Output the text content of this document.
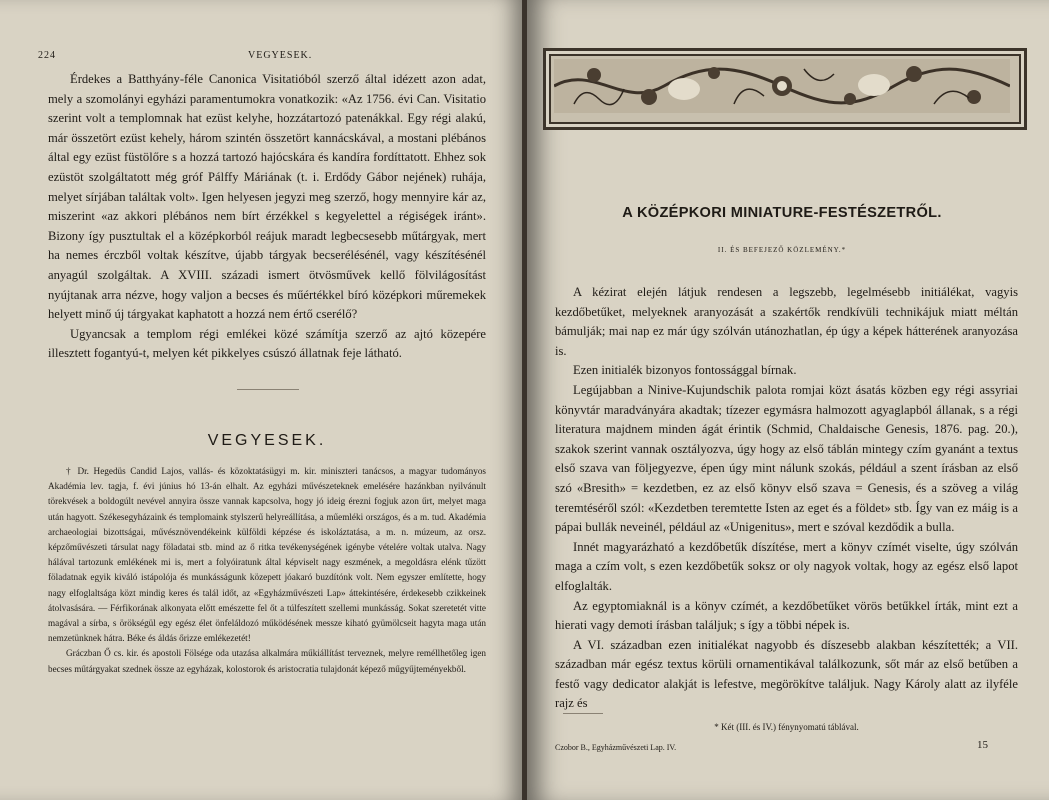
224	VEGYESEK.

Érdekes a Batthyány-féle Canonica Visitatióból szerző által idézett azon adat, mely a szomolányi egyházi paramentumokra vonatkozik: «Az 1756. évi Can. Visitatio szerint volt a templomnak hat ezüst kelyhe, hozzátartozó patenákkal. Egy régi alakú, már összetört ezüst kehely, három szintén összetört kannácskával, a mostani plébános által egy ezüst füstölőre s a hozzá tartozó hajócskára és kandíra fordíttatott. Ehhez sok ezüstöt szolgáltatott még gróf Pálffy Máriának (t. i. Erdődy Gábor nejének) ruhája, melyet sírjában találtak volt». Igen helyesen jegyzi meg szerző, hogy mennyire kár az, miszerint «az akkori plébános nem bírt érzékkel s kegyelettel a régiségek iránt». Bizony így pusztultak el a középkorból reájuk maradt legbecsesebb műtárgyak, mert ha nemes érczből voltak készítve, újabb tárgyak becserélésénél, vagy készítésénél anyagúl szolgáltak. A XVIII. századi ismert ötvösművek kellő fölvilágosítást nyújtanak arra nézve, hogy valjon a becses és műértékkel bíró középkori műremekek helyett minő új tárgyakat kaphatott a hozzá nem értő cserélő?

Ugyancsak a templom régi emlékei közé számítja szerző az ajtó közepére illesztett fogantyú-t, melyen két pikkelyes csúszó állatnak feje látható.

VEGYESEK.

† Dr. Hegedüs Candid Lajos, vallás- és közoktatásügyi m. kir. miniszteri tanácsos, a magyar tudományos Akadémia lev. tagja, f. évi június hó 13-án elhalt. Az egyházi művészeteknek emelésére hazánkban nyilvánult törekvések a boldogúlt nevével annyira össze vannak kapcsolva, hogy jó ideig érezni fogjuk azon űrt, melyet maga után hagyott. Székesegyházaink és templomaink stylszerű helyreállítása, a műemléki országos, és a m. tud. Akadémia archaeologiai bizottságai, művésznövendékeink külföldi képzése és iskoláztatása, a m. n. múzeum, az orsz. képzőművészeti társulat nagy föladatai stb. mind az ő ritka tevékenységének igénybe vételére voltak utalva. Nagy hálával tartozunk emlékének mi is, mert a folyóiratunk által képviselt nagy eszmének, a megoldásra elénk tűzött föladatnak egyik kiváló istápolója és munkásságunk közepett jóakaró buzdítónk volt. Nem egyszer említette, hogy nagy elfoglaltsága közt mindig keres és talál időt, az «Egyházművészeti Lap» áttekintésére, érdekesebb czikkeinek átolvasására. — Férfikorának alkonyata előtt emészette fel őt a túlfeszített szellemi munkásság. Sokat szeretetét vitte magával a sírba, s örökségül egy egész élet önfeláldozó működésének messze kiható gyümölcseit hagyta maga után nemzetünknek hátra. Béke és áldás őrizze emlékezetét!

Gráczban Ő cs. kir. és apostoli Fölsége oda utazása alkalmára műkiállítást terveznek, melyre reméllhetőleg igen becses műtárgyakat szednek össze az egyházak, kolostorok és aristocratia tulajdonát képező műgyűjteményekből.

A KÖZÉPKORI MINIATURE-FESTÉSZETRŐL.
II. ÉS BEFEJEZŐ KÖZLEMÉNY.*

A kézirat elején látjuk rendesen a legszebb, legelmésebb initiálékat, vagyis kezdőbetűket, melyeknek aranyozását a szakértők rendkívüli technikájuk miatt méltán bámulják; mai nap ez már úgy szólván utánozhatlan, ép úgy a képek hátterének aranyozása is.

Ezen initialék bizonyos fontossággal bírnak.

Legújabban a Ninive-Kujundschik palota romjai közt ásatás közben egy régi assyriai könyvtár maradványára akadtak; tízezer egymásra halmozott agyaglapból állanak, s a régi literatura majdnem minden ágát érintik (Schmid, Chaldaische Genesis, 1876. pag. 20.), szakok szerint vannak osztályozva, úgy hogy az első táblán mintegy czím gyanánt a textus első szava van följegyezve, épen úgy mint nálunk szokás, például a szent írásban az első szó «Bresith» = kezdetben, ez az első könyv első szava = Genesis, és a szöveg a világ teremtéséről szól: «Kezdetben teremtette Isten az eget és a földet» stb. Így van ez máig is a pápai bullák neveinél, például az «Unigenitus», mert e szóval kezdődik a bulla.

Innét magyarázható a kezdőbetűk díszítése, mert a könyv czímét viselte, úgy szólván maga a czím volt, s ezen kezdőbetűk soksz or oly nagyok voltak, hogy az egész első lapot elfoglalták.

Az egyptomiaknál is a könyv czímét, a kezdőbetűket vörös betűkkel írták, mint ezt a hierati vagy demoti írásban találjuk; s így a többi népek is.

A VI. században ezen initialékat nagyobb és díszesebb alakban készítették; a VII. században már egész textus körüli ornamentikával találkozunk, sőt már az első betűben a festő vagy dedicator alakját is lefestve, megörökítve találjuk. Nagy Károly alatt az ilyféle rajz és

* Két (III. és IV.) fénynyomatú táblával.
Czobor B., Egyházművészeti Lap. IV.	15
